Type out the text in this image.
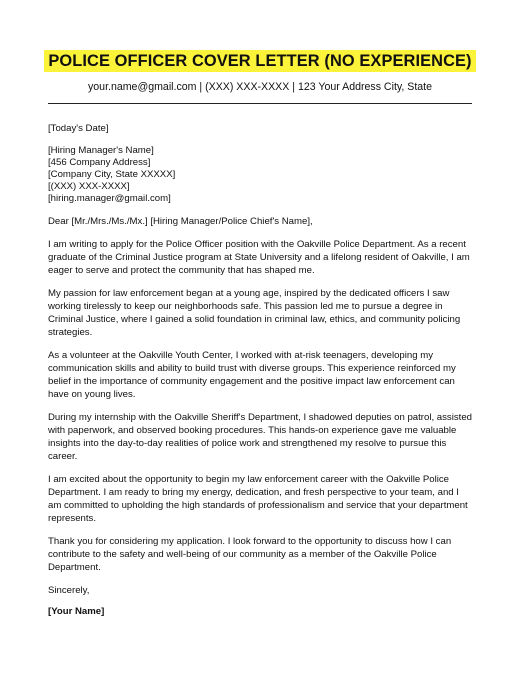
POLICE OFFICER COVER LETTER (NO EXPERIENCE)
your.name@gmail.com | (XXX) XXX-XXXX | 123 Your Address City, State

[Today's Date]

[Hiring Manager's Name]
[456 Company Address]
[Company City, State XXXXX]
[(XXX) XXX-XXXX]
[hiring.manager@gmail.com]

Dear [Mr./Mrs./Ms./Mx.] [Hiring Manager/Police Chief's Name],

I am writing to apply for the Police Officer position with the Oakville Police Department. As a recent graduate of the Criminal Justice program at State University and a lifelong resident of Oakville, I am eager to serve and protect the community that has shaped me.

My passion for law enforcement began at a young age, inspired by the dedicated officers I saw working tirelessly to keep our neighborhoods safe. This passion led me to pursue a degree in Criminal Justice, where I gained a solid foundation in criminal law, ethics, and community policing strategies.

As a volunteer at the Oakville Youth Center, I worked with at-risk teenagers, developing my communication skills and ability to build trust with diverse groups. This experience reinforced my belief in the importance of community engagement and the positive impact law enforcement can have on young lives.

During my internship with the Oakville Sheriff's Department, I shadowed deputies on patrol, assisted with paperwork, and observed booking procedures. This hands-on experience gave me valuable insights into the day-to-day realities of police work and strengthened my resolve to pursue this career.

I am excited about the opportunity to begin my law enforcement career with the Oakville Police Department. I am ready to bring my energy, dedication, and fresh perspective to your team, and I am committed to upholding the high standards of professionalism and service that your department represents.

Thank you for considering my application. I look forward to the opportunity to discuss how I can contribute to the safety and well-being of our community as a member of the Oakville Police Department.

Sincerely,

[Your Name]
